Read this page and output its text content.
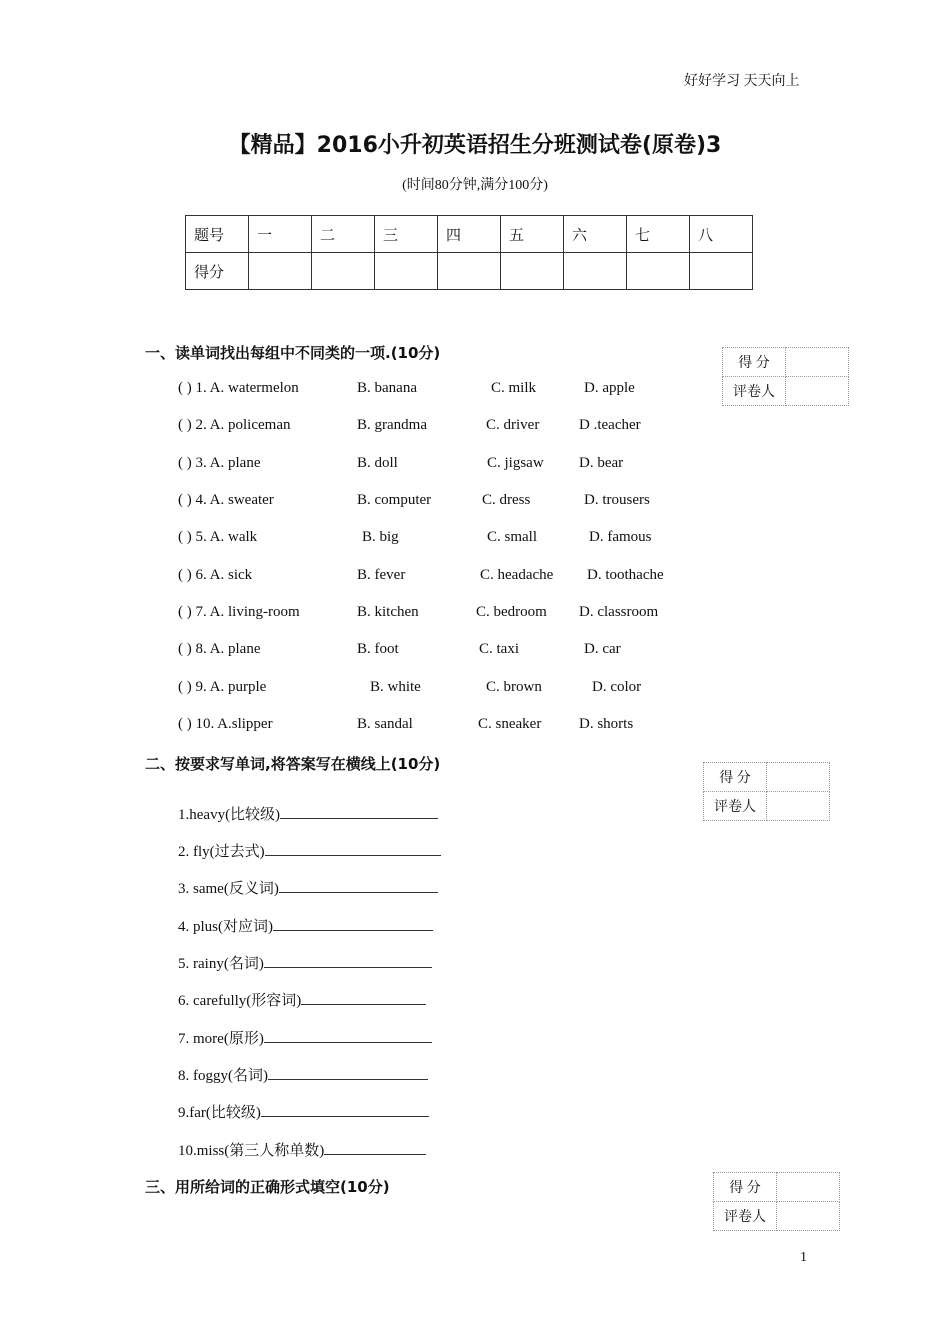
好好学习 天天向上
【精品】2016小升初英语招生分班测试卷(原卷)3
(时间80分钟,满分100分)
题号	一	二	三	四	五	六	七	八
得分								
一、读单词找出每组中不同类的一项.(10分)
得 分	
评卷人	
( ) 1. A. watermelon	B. banana	C. milk	D. apple
( ) 2. A. policeman	B. grandma	C. driver	D .teacher
( ) 3. A. plane	B. doll	C. jigsaw D. bear
( ) 4. A. sweater	B. computer	C. dress	D. trousers
( ) 5. A. walk	B. big	C. small	D. famous
( ) 6. A. sick	B. fever	C. headache D. toothache
( ) 7. A. living-room	B. kitchen	C. bedroom D. classroom
( ) 8. A. plane	B. foot	C. taxi	D. car
( ) 9. A. purple	B. white	C. brown	D. color
( ) 10. A.slipper	B. sandal	C. sneaker	D. shorts
二、按要求写单词,将答案写在横线上(10分)
得 分	
评卷人	
1.heavy(比较级)
2. fly(过去式)
3. same(反义词)
4. plus(对应词)
5. rainy(名词)
6. carefully(形容词)
7. more(原形)
8. foggy(名词)
9.far(比较级)
10.miss(第三人称单数)
三、用所给词的正确形式填空(10分)	得 分	
评卷人	
1
